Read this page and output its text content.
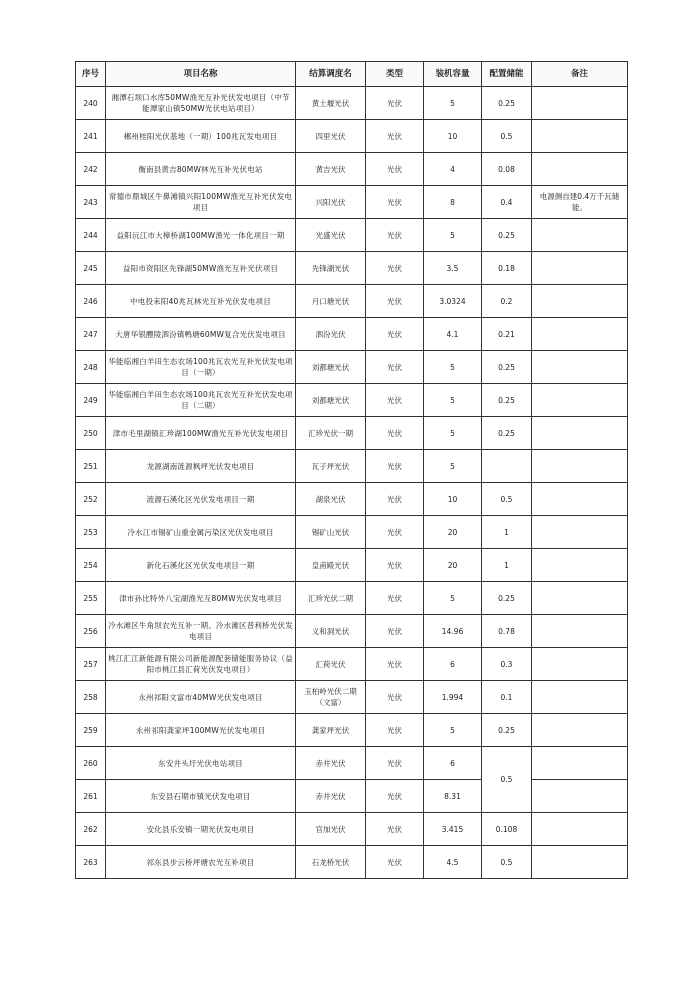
序号	项目名称	结算调度名	类型	装机容量	配置储能	备注
240	湘潭石坝口水库50MW渔光互补光伏发电项目（中节能潭家山镇50MW光伏电站项目）	黄土堰光伏	光伏	5	0.25	
241	郴州桂阳光伏基地（一期）100兆瓦发电项目	四里光伏	光伏	10	0.5	
242	衡南县黄吉80MW林光互补光伏电站	黄吉光伏	光伏	4	0.08	
243	常德市鼎城区牛鼻滩镇兴阳100MW渔光互补光伏发电项目	兴阳光伏	光伏	8	0.4	电源侧自建0.4万千瓦储能。
244	益阳沅江市大樟桥湖100MW渔光一体化项目一期	光盛光伏	光伏	5	0.25	
245	益阳市资阳区先锋湖50MW渔光互补光伏项目	先锋湖光伏	光伏	3.5	0.18	
246	中电投耒阳40兆瓦林光互补光伏发电项目	月口塘光伏	光伏	3.0324	0.2	
247	大唐华银醴陵泗汾镇鸭塘60MW复合光伏发电项目	泗汾光伏	光伏	4.1	0.21	
248	华能临湘白羊田生态农场100兆瓦农光互补光伏发电项目（一期）	刘都塘光伏	光伏	5	0.25	
249	华能临湘白羊田生态农场100兆瓦农光互补光伏发电项目（二期）	刘都塘光伏	光伏	5	0.25	
250	津市毛里湖镇汇珍湖100MW渔光互补光伏发电项目	汇珍光伏一期	光伏	5	0.25	
251	龙源湖南涟源枫坪光伏发电项目	瓦子坪光伏	光伏	5		
252	涟源石溪化区光伏发电项目一期	湖泉光伏	光伏	10	0.5	
253	冷水江市锡矿山重金属污染区光伏发电项目	锡矿山光伏	光伏	20	1	
254	新化石溪化区光伏发电项目一期	皇甫殿光伏	光伏	20	1	
255	津市孙比特外八宝湖渔光互80MW光伏发电项目	汇珍光伏二期	光伏	5	0.25	
256	冷水滩区牛角坝农光互补一期、冷水滩区普利桥光伏发电项目	义和洞光伏	光伏	14.96	0.78	
257	桃江汇江新能源有限公司新能源配套储能服务协议（益阳市桃江县汇荷光伏发电项目）	汇荷光伏	光伏	6	0.3	
258	永州祁阳文富市40MW光伏发电项目	玉柏岭光伏二期（文富）	光伏	1.994	0.1	
259	永州祁阳龚家坪100MW光伏发电项目	龚家坪光伏	光伏	5	0.25	
260	东安井头圩光伏电站项目	赤井光伏	光伏	6	0.5	
261	东安县石期市镇光伏发电项目	赤井光伏	光伏	8.31		
262	安化县乐安镇一期光伏发电项目	官加光伏	光伏	3.415	0.108	
263	祁东县步云桥坪塘农光互补项目	石龙桥光伏	光伏	4.5	0.5	
